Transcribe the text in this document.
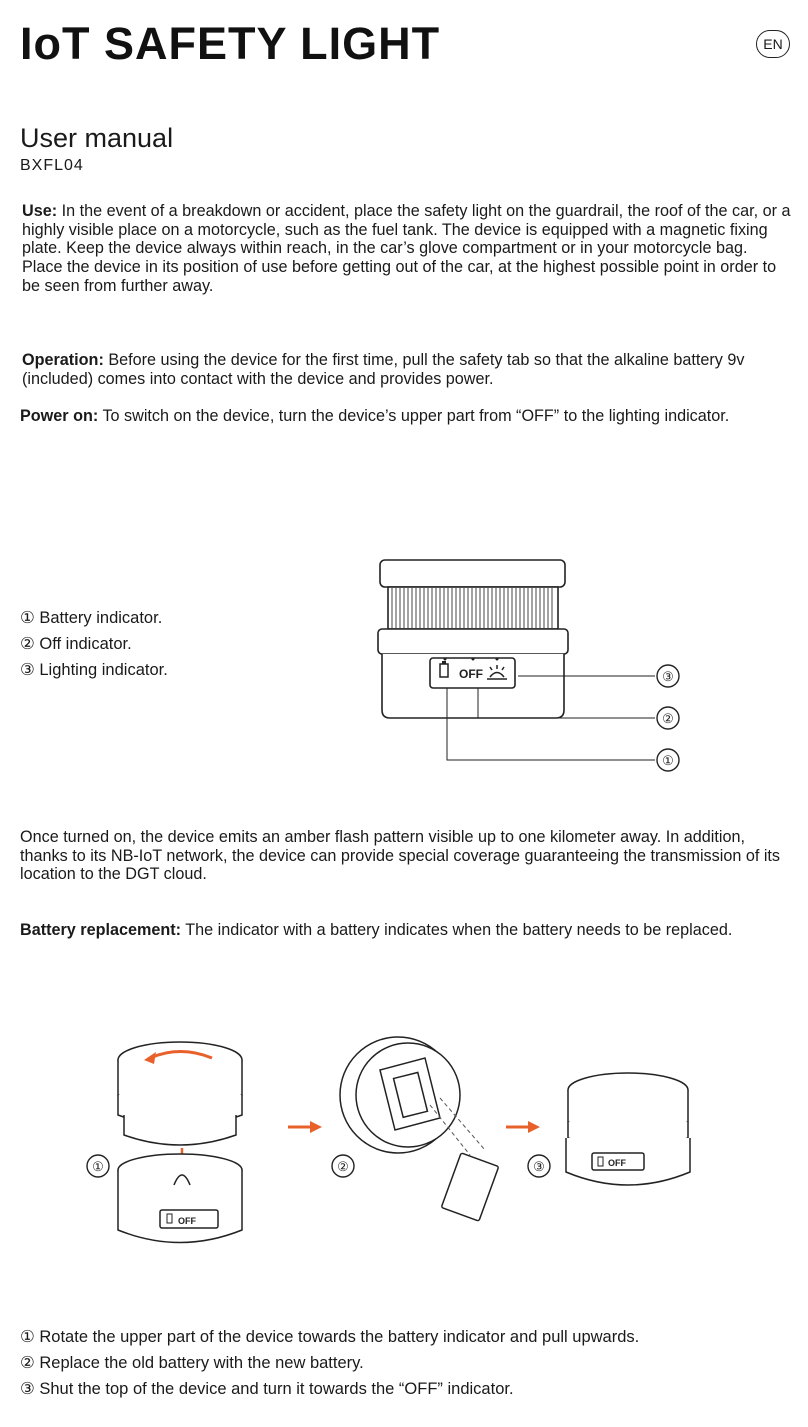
IoT SAFETY LIGHT	EN
User manual
BXFL04
Use: In the event of a breakdown or accident, place the safety light on the guardrail, the roof of the car, or a highly visible place on a motorcycle, such as the fuel tank. The device is equipped with a magnetic fixing plate. Keep the device always within reach, in the car’s glove compartment or in your motorcycle bag.
Place the device in its position of use before getting out of the car, at the highest possible point in order to be seen from further away.
Operation: Before using the device for the first time, pull the safety tab so that the alkaline battery 9v (included) comes into contact with the device and provides power.
Power on: To switch on the device, turn the device’s upper part from “OFF” to the lighting indicator.
① Battery indicator.
② Off indicator.
③ Lighting indicator.	OFF	③
②
①
Once turned on, the device emits an amber flash pattern visible up to one kilometer away. In addition, thanks to its NB-IoT network, the device can provide special coverage guaranteeing the transmission of its location to the DGT cloud.
Battery replacement: The indicator with a battery indicates when the battery needs to be replaced.
OFF
①	②	OFF
③
① Rotate the upper part of the device towards the battery indicator and pull upwards.
② Replace the old battery with the new battery.
③ Shut the top of the device and turn it towards the “OFF” indicator.
